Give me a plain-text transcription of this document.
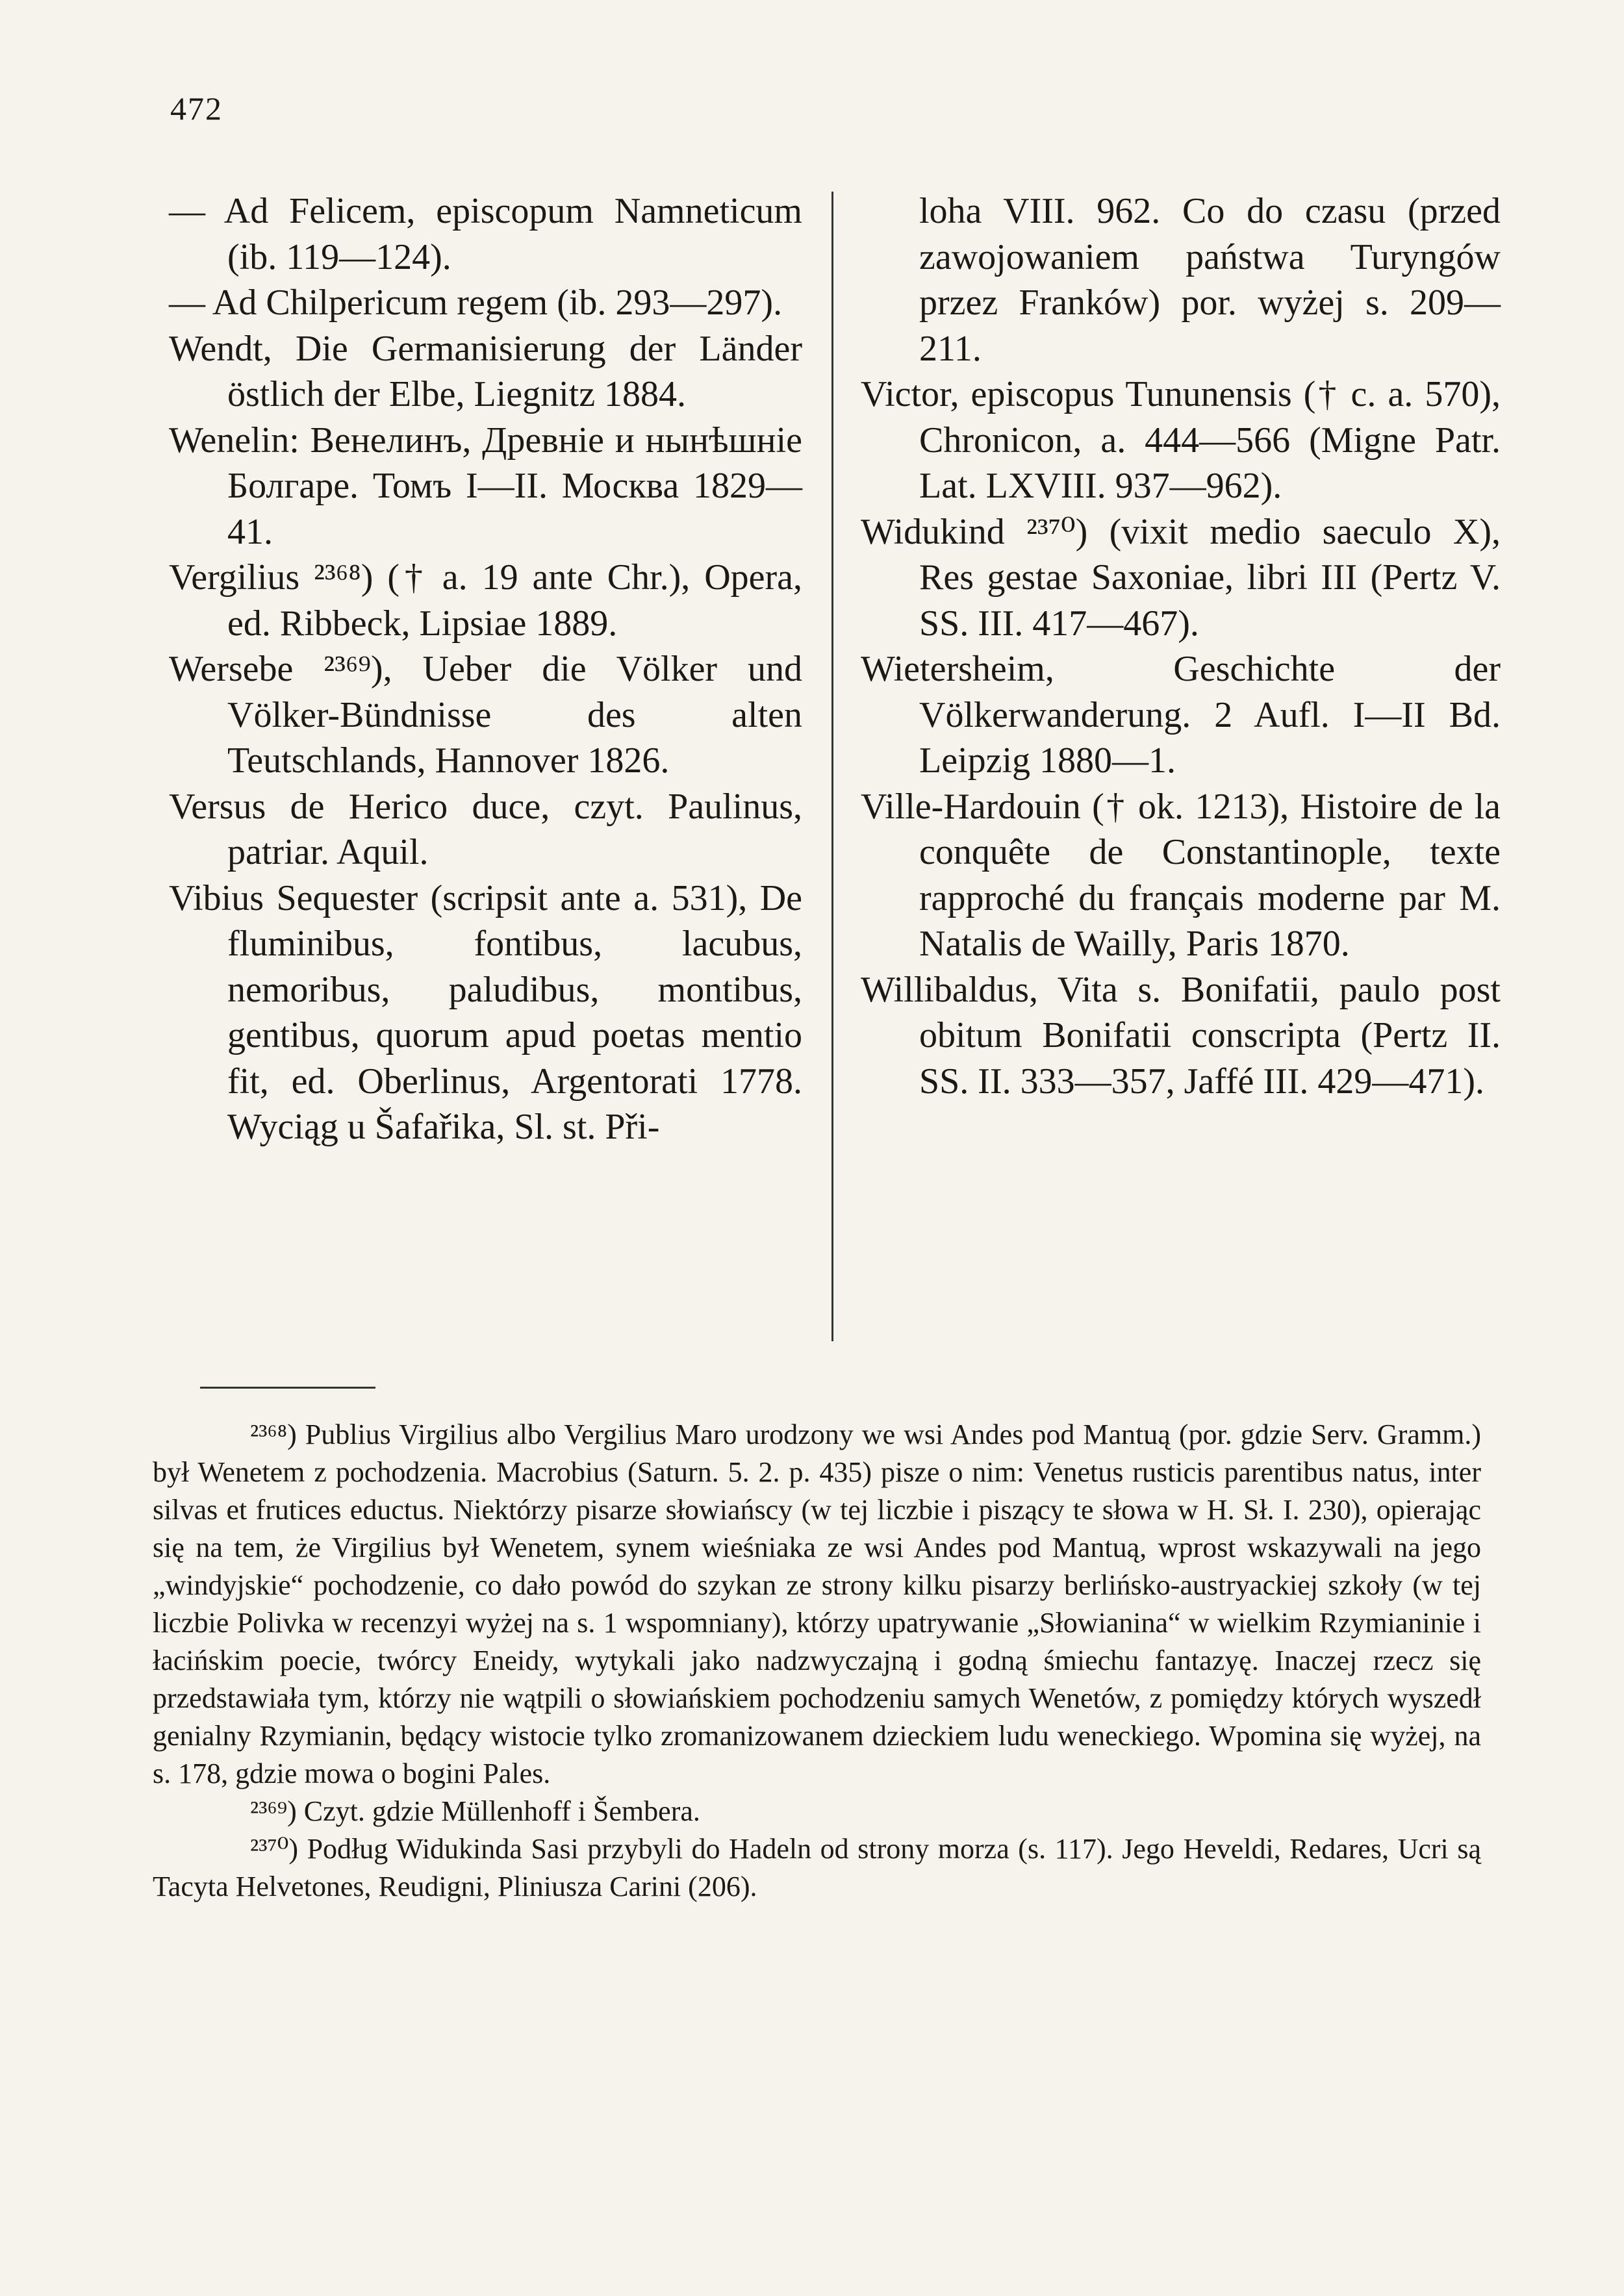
472

— Ad Felicem, episcopum Namneticum (ib. 119—124).

— Ad Chilpericum regem (ib. 293—297).

Wendt, Die Germanisierung der Länder östlich der Elbe, Liegnitz 1884.

Wenelin: Венелинъ, Древніе и нынѣшніе Болгаре. Томъ I—II. Москва 1829—41.

Vergilius ²³⁶⁸) († a. 19 ante Chr.), Opera, ed. Ribbeck, Lipsiae 1889.

Wersebe ²³⁶⁹), Ueber die Völker und Völker-Bündnisse des alten Teutschlands, Hannover 1826.

Versus de Herico duce, czyt. Paulinus, patriar. Aquil.

Vibius Sequester (scripsit ante a. 531), De fluminibus, fontibus, lacubus, nemoribus, paludibus, montibus, gentibus, quorum apud poetas mentio fit, ed. Oberlinus, Argentorati 1778. Wyciąg u Šafařika, Sl. st. Při-

loha VIII. 962. Co do czasu (przed zawojowaniem państwa Turyngów przez Franków) por. wyżej s. 209—211.

Victor, episcopus Tununensis († c. a. 570), Chronicon, a. 444—566 (Migne Patr. Lat. LXVIII. 937—962).

Widukind ²³⁷⁰) (vixit medio saeculo X), Res gestae Saxoniae, libri III (Pertz V. SS. III. 417—467).

Wietersheim, Geschichte der Völkerwanderung. 2 Aufl. I—II Bd. Leipzig 1880—1.

Ville-Hardouin († ok. 1213), Histoire de la conquête de Constantinople, texte rapproché du français moderne par M. Natalis de Wailly, Paris 1870.

Willibaldus, Vita s. Bonifatii, paulo post obitum Bonifatii conscripta (Pertz II. SS. II. 333—357, Jaffé III. 429—471).

²³⁶⁸) Publius Virgilius albo Vergilius Maro urodzony we wsi Andes pod Mantuą (por. gdzie Serv. Gramm.) był Wenetem z pochodzenia. Macrobius (Saturn. 5. 2. p. 435) pisze o nim: Venetus rusticis parentibus natus, inter silvas et frutices eductus. Niektórzy pisarze słowiańscy (w tej liczbie i piszący te słowa w H. Sł. I. 230), opierając się na tem, że Virgilius był Wenetem, synem wieśniaka ze wsi Andes pod Mantuą, wprost wskazywali na jego „windyjskie“ pochodzenie, co dało powód do szykan ze strony kilku pisarzy berlińsko-austryackiej szkoły (w tej liczbie Polivka w recenzyi wyżej na s. 1 wspomniany), którzy upatrywanie „Słowianina“ w wielkim Rzymianinie i łacińskim poecie, twórcy Eneidy, wytykali jako nadzwyczajną i godną śmiechu fantazyę. Inaczej rzecz się przedstawiała tym, którzy nie wątpili o słowiańskiem pochodzeniu samych Wenetów, z pomiędzy których wyszedł genialny Rzymianin, będący wistocie tylko zromanizowanem dzieckiem ludu weneckiego. Wpomina się wyżej, na s. 178, gdzie mowa o bogini Pales.

²³⁶⁹) Czyt. gdzie Müllenhoff i Šembera.

²³⁷⁰) Podług Widukinda Sasi przybyli do Hadeln od strony morza (s. 117). Jego Heveldi, Redares, Ucri są Tacyta Helvetones, Reudigni, Pliniusza Carini (206).
